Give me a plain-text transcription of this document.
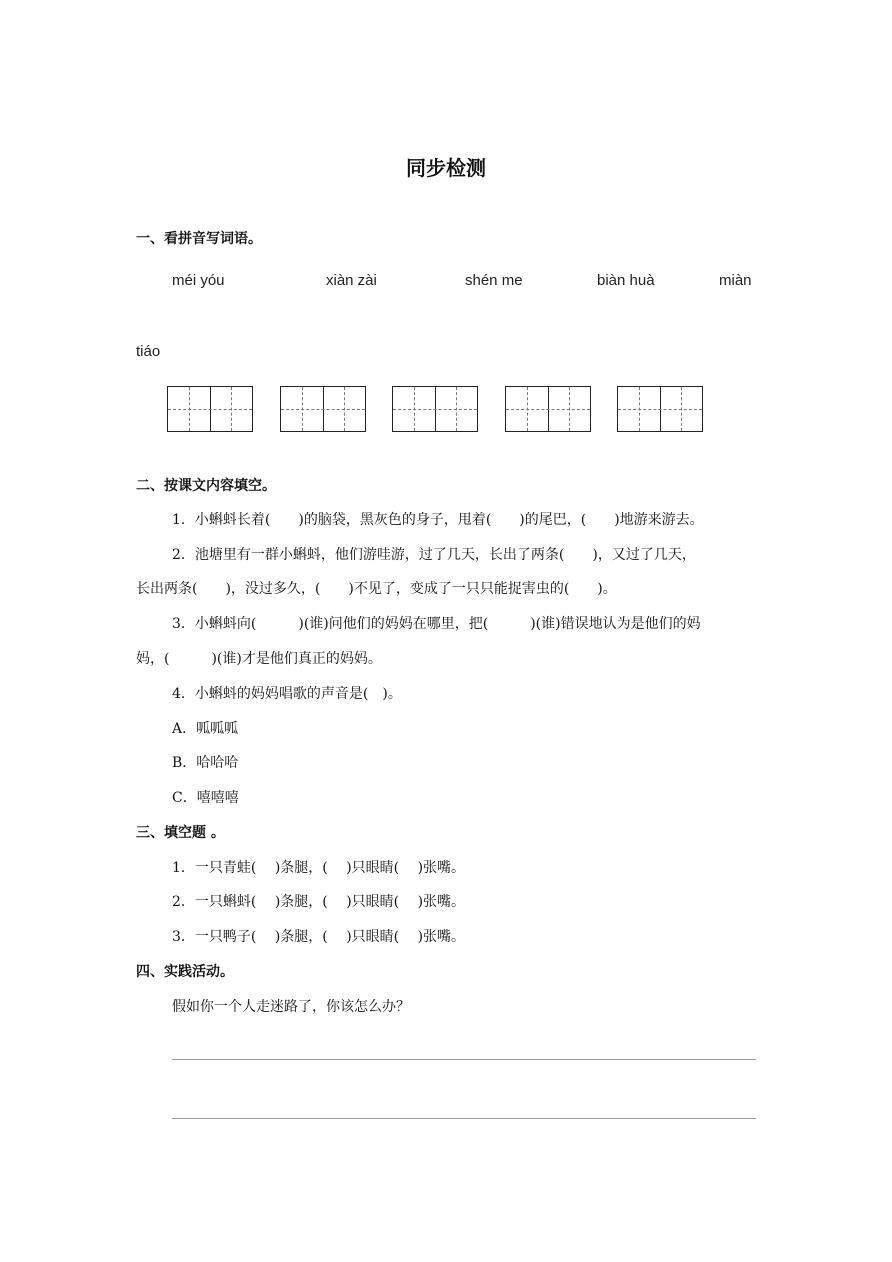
同步检测
一、看拼音写词语。
méi yóu	xiàn zài	shén me	biàn huà	miàn
tiáo
二、按课文内容填空。
1．小蝌蚪长着(　　)的脑袋，黑灰色的身子，甩着(　　)的尾巴，(　　)地游来游去。
2．池塘里有一群小蝌蚪，他们游哇游，过了几天，长出了两条(　　)，又过了几天，
长出两条(　　)，没过多久，(　　)不见了，变成了一只只能捉害虫的(　　)。
3．小蝌蚪向(　　　)(谁)问他们的妈妈在哪里，把(　　　)(谁)错误地认为是他们的妈
妈，(　　　)(谁)才是他们真正的妈妈。
4．小蝌蚪的妈妈唱歌的声音是(　)。
A．呱呱呱
B．哈哈哈
C．嘻嘻嘻
三、填空题 。
1．一只青蛙(　 )条腿，(　 )只眼睛(　 )张嘴。
2．一只蝌蚪(　 )条腿，(　 )只眼睛(　 )张嘴。
3．一只鸭子(　 )条腿，(　 )只眼睛(　 )张嘴。
四、实践活动。
假如你一个人走迷路了，你该怎么办？
